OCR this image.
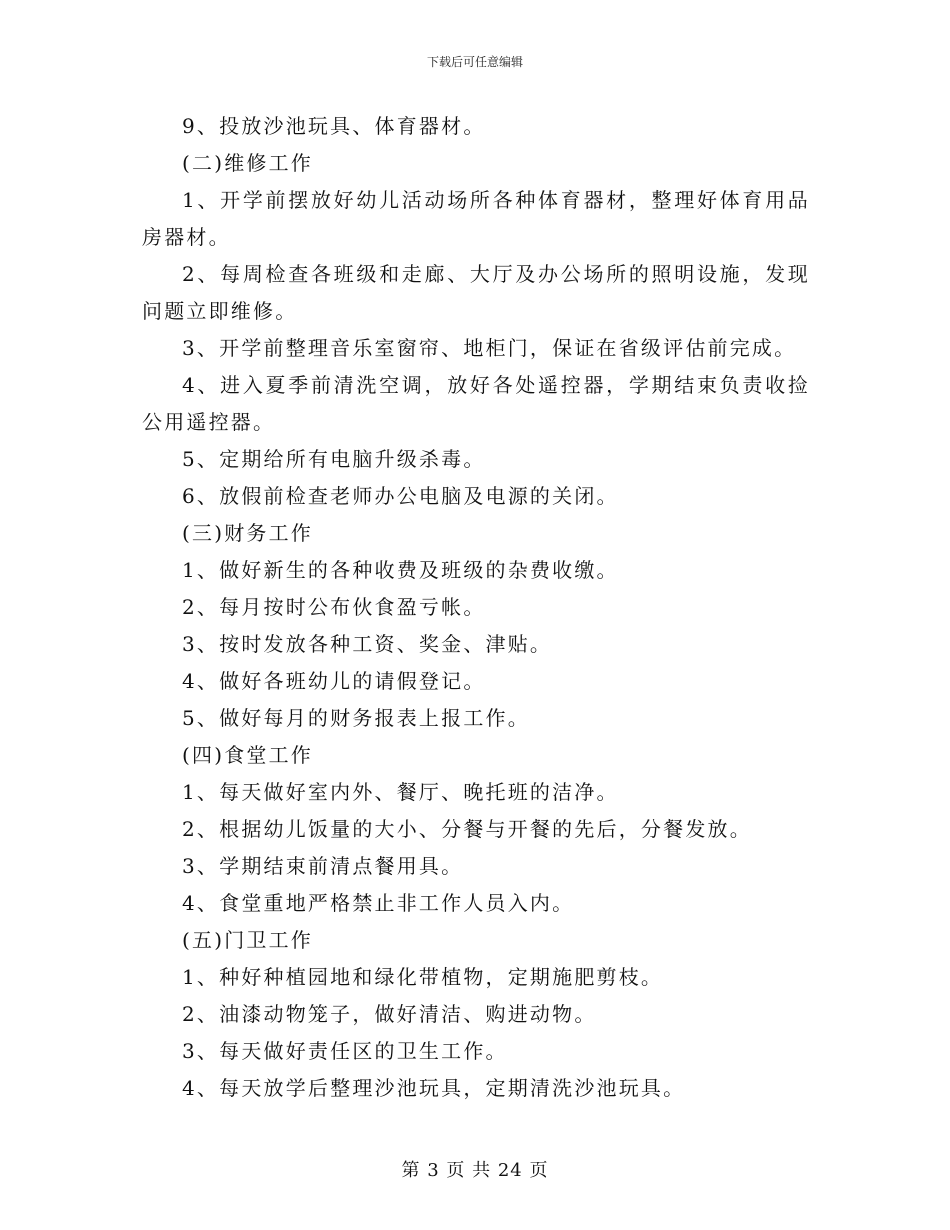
下载后可任意编辑

9、投放沙池玩具、体育器材。

(二)维修工作

1、开学前摆放好幼儿活动场所各种体育器材，整理好体育用品房器材。

2、每周检查各班级和走廊、大厅及办公场所的照明设施，发现问题立即维修。

3、开学前整理音乐室窗帘、地柜门，保证在省级评估前完成。

4、进入夏季前清洗空调，放好各处遥控器，学期结束负责收捡公用遥控器。

5、定期给所有电脑升级杀毒。

6、放假前检查老师办公电脑及电源的关闭。

(三)财务工作

1、做好新生的各种收费及班级的杂费收缴。

2、每月按时公布伙食盈亏帐。

3、按时发放各种工资、奖金、津贴。

4、做好各班幼儿的请假登记。

5、做好每月的财务报表上报工作。

(四)食堂工作

1、每天做好室内外、餐厅、晚托班的洁净。

2、根据幼儿饭量的大小、分餐与开餐的先后，分餐发放。

3、学期结束前清点餐用具。

4、食堂重地严格禁止非工作人员入内。

(五)门卫工作

1、种好种植园地和绿化带植物，定期施肥剪枝。

2、油漆动物笼子，做好清洁、购进动物。

3、每天做好责任区的卫生工作。

4、每天放学后整理沙池玩具，定期清洗沙池玩具。

第 3 页 共 24 页
